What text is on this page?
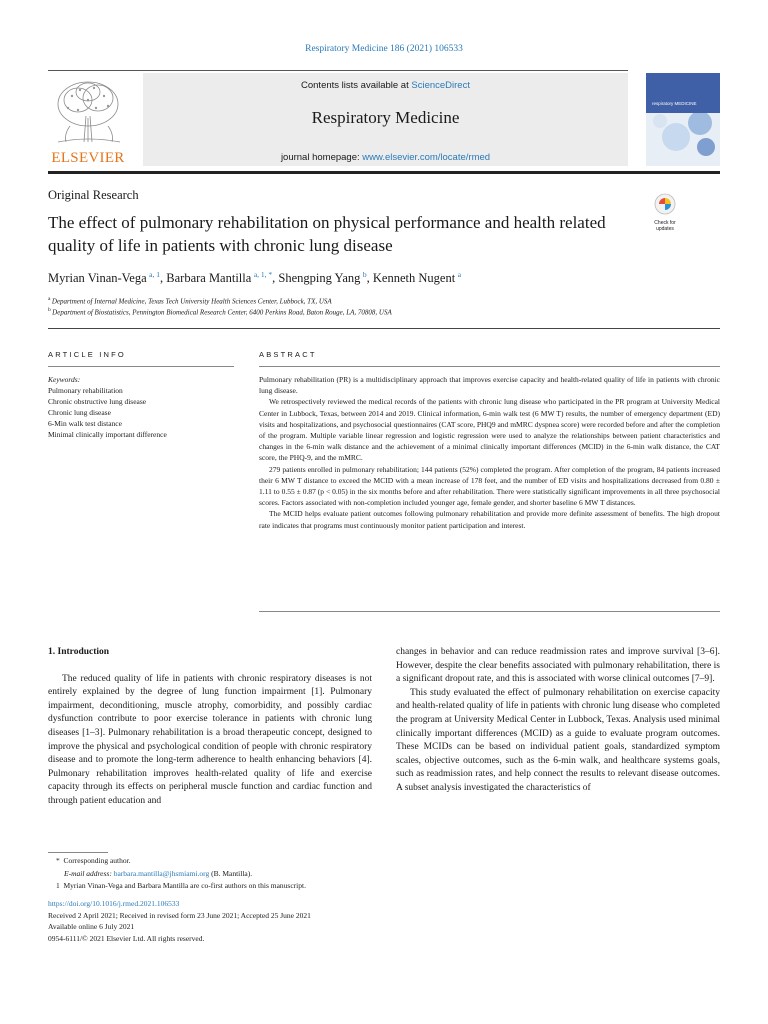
Respiratory Medicine 186 (2021) 106533
ELSEVIER
Contents lists available at ScienceDirect
Respiratory Medicine
journal homepage: www.elsevier.com/locate/rmed
respiratory MEDICINE
Original Research
The effect of pulmonary rehabilitation on physical performance and health related quality of life in patients with chronic lung disease
Check for updates
Myrian Vinan-Vega  $^{a, 1}$, Barbara Mantilla  $^{a, 1, *}$, Shengping Yang  $^b$, Kenneth Nugent  $^a$
$^a$ Department of Internal Medicine, Texas Tech University Health Sciences Center, Lubbock, TX, USA
$^b$ Department of Biostatistics, Pennington Biomedical Research Center, 6400 Perkins Road, Baton Rouge, LA, 70808, USA
ARTICLE INFO	ABSTRACT
Keywords:
Pulmonary rehabilitation
Chronic obstructive lung disease
Chronic lung disease
6-Min walk test distance
Minimal clinically important difference

Pulmonary rehabilitation (PR) is a multidisciplinary approach that improves exercise capacity and health-related quality of life in patients with chronic lung disease.

We retrospectively reviewed the medical records of the patients with chronic lung disease who participated in the PR program at University Medical Center in Lubbock, Texas, between 2014 and 2019. Clinical information, 6-min walk test (6 MW T) results, the number of emergency department (ED) visits and hospitalizations, and psychosocial questionnaires (CAT score, PHQ9 and mMRC dyspnea score) were recorded before and after the completion of the program. Multiple variable linear regression and logistic regression were used to analyze the relationships between patient characteristics and changes in the 6-min walk distance and the achievement of a minimal clinically important differences (MCID) in the 6-min walk distance, the CAT score, the PHQ-9, and the mMRC.

279 patients enrolled in pulmonary rehabilitation; 144 patients (52%) completed the program. After completion of the program, 84 patients increased their 6 MW T distance to exceed the MCID with a mean increase of 178 feet, and the number of ED visits and hospitalizations decreased from 0.80 ± 1.11 to 0.55 ± 0.87 (p < 0.05) in the six months before and after rehabilitation. There were statistically significant improvements in all three psychosocial scores. Factors associated with non-completion included younger age, female gender, and shorter baseline 6 MW T distances.

The MCID helps evaluate patient outcomes following pulmonary rehabilitation and provide more definite assessment of benefits. The high dropout rate indicates that programs must continuously monitor patient participation and interest.

1. Introduction

The reduced quality of life in patients with chronic respiratory diseases is not entirely explained by the degree of lung function impairment [1]. Pulmonary impairment, deconditioning, muscle atrophy, comorbidity, and possibly cardiac dysfunction contribute to poor exercise tolerance in patients with chronic lung diseases [1–3]. Pulmonary rehabilitation is a broad therapeutic concept, designed to improve the physical and psychological condition of people with chronic respiratory disease and to promote the long-term adherence to health enhancing behaviors [4]. Pulmonary rehabilitation improves health-related quality of life and exercise capacity through its effects on peripheral muscle function and cardiac function and through patient education and

changes in behavior and can reduce readmission rates and improve survival [3–6]. However, despite the clear benefits associated with pulmonary rehabilitation, there is a significant dropout rate, and this is associated with worse clinical outcomes [7–9].

This study evaluated the effect of pulmonary rehabilitation on exercise capacity and health-related quality of life in patients with chronic lung disease who completed the program at University Medical Center in Lubbock, Texas. Analysis used minimal clinically important differences (MCID) as a guide to evaluate program outcomes. These MCIDs can be based on individual patient goals, standardized symptom scales, objective outcomes, such as the 6-min walk, and healthcare systems goals, such as readmission rates, and help connect the results to relevant disease outcomes. A subset analysis investigated the characteristics of

* Corresponding author.
E-mail address: barbara.mantilla@jhsmiami.org (B. Mantilla).
1 Myrian Vinan-Vega and Barbara Mantilla are co-first authors on this manuscript.
https://doi.org/10.1016/j.rmed.2021.106533
Received 2 April 2021; Received in revised form 23 June 2021; Accepted 25 June 2021
Available online 6 July 2021
0954-6111/© 2021 Elsevier Ltd. All rights reserved.
